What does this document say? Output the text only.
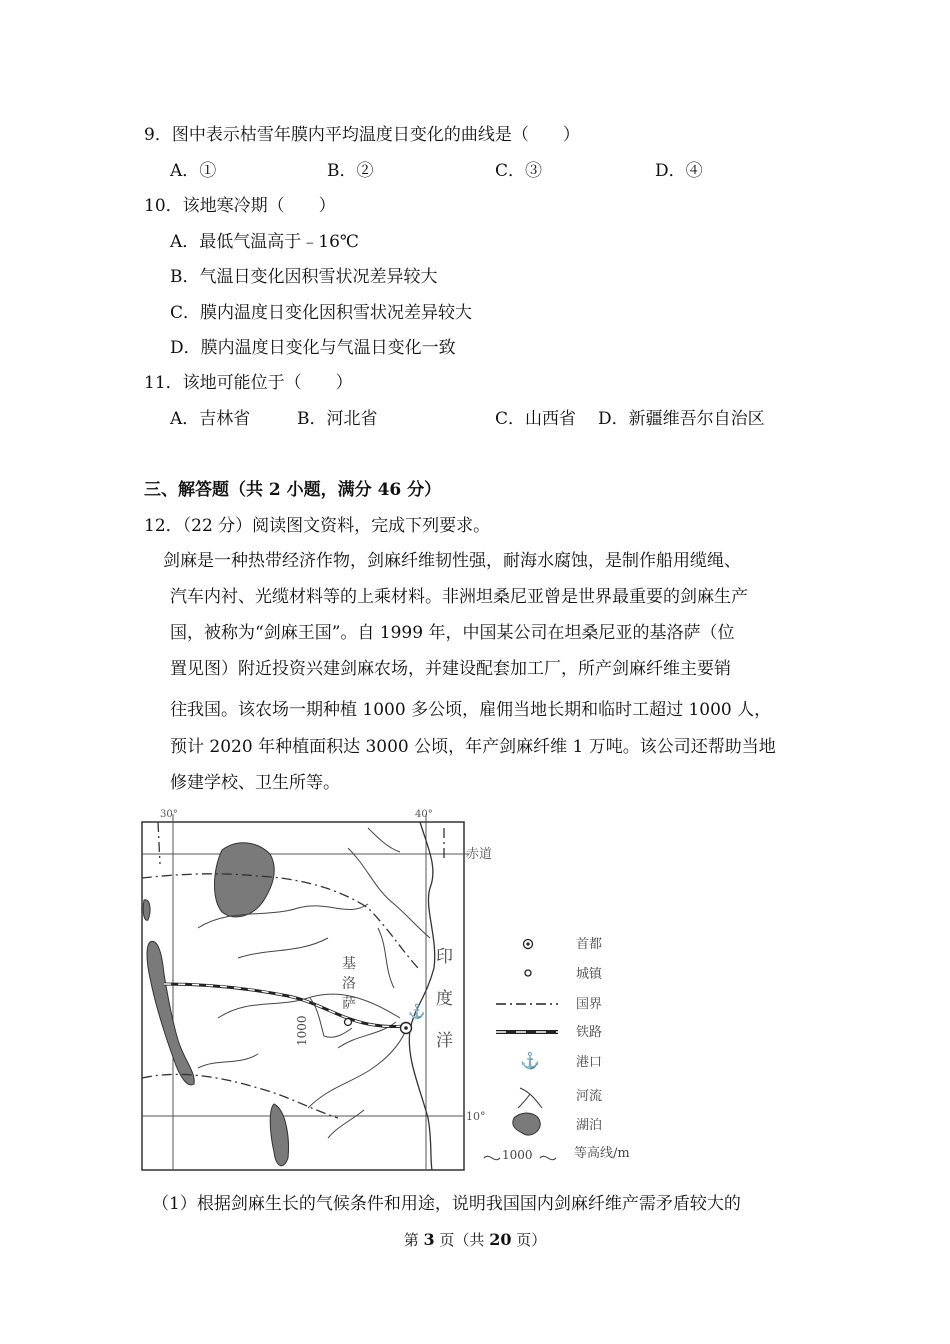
9．图中表示枯雪年膜内平均温度日变化的曲线是（　　）
A．①	B．②	C．③	D．④
10．该地寒冷期（　　）
A．最低气温高于﹣16℃
B．气温日变化因积雪状况差异较大
C．膜内温度日变化因积雪状况差异较大
D．膜内温度日变化与气温日变化一致
11．该地可能位于（　　）
A．吉林省	B．河北省	C．山西省 D．新疆维吾尔自治区
三、解答题（共 2 小题，满分 46 分）
12．（22 分）阅读图文资料，完成下列要求。
剑麻是一种热带经济作物，剑麻纤维韧性强，耐海水腐蚀，是制作船用缆绳、
汽车内衬、光缆材料等的上乘材料。非洲坦桑尼亚曾是世界最重要的剑麻生产
国，被称为“剑麻王国”。自 1999 年，中国某公司在坦桑尼亚的基洛萨（位
置见图）附近投资兴建剑麻农场，并建设配套加工厂，所产剑麻纤维主要销
往我国。该农场一期种植 1000 多公顷，雇佣当地长期和临时工超过 1000 人，
预计 2020 年种植面积达 3000 公顷，年产剑麻纤维 1 万吨。该公司还帮助当地
修建学校、卫生所等。
30°	40°
赤道
10°
1000
基
洛
萨	⚓
印
度
洋
首都
城镇
国界
铁路
⚓	港口
河流
湖泊
1000	等高线/m
（1）根据剑麻生长的气候条件和用途，说明我国国内剑麻纤维产需矛盾较大的
第 3 页（共 20 页）
